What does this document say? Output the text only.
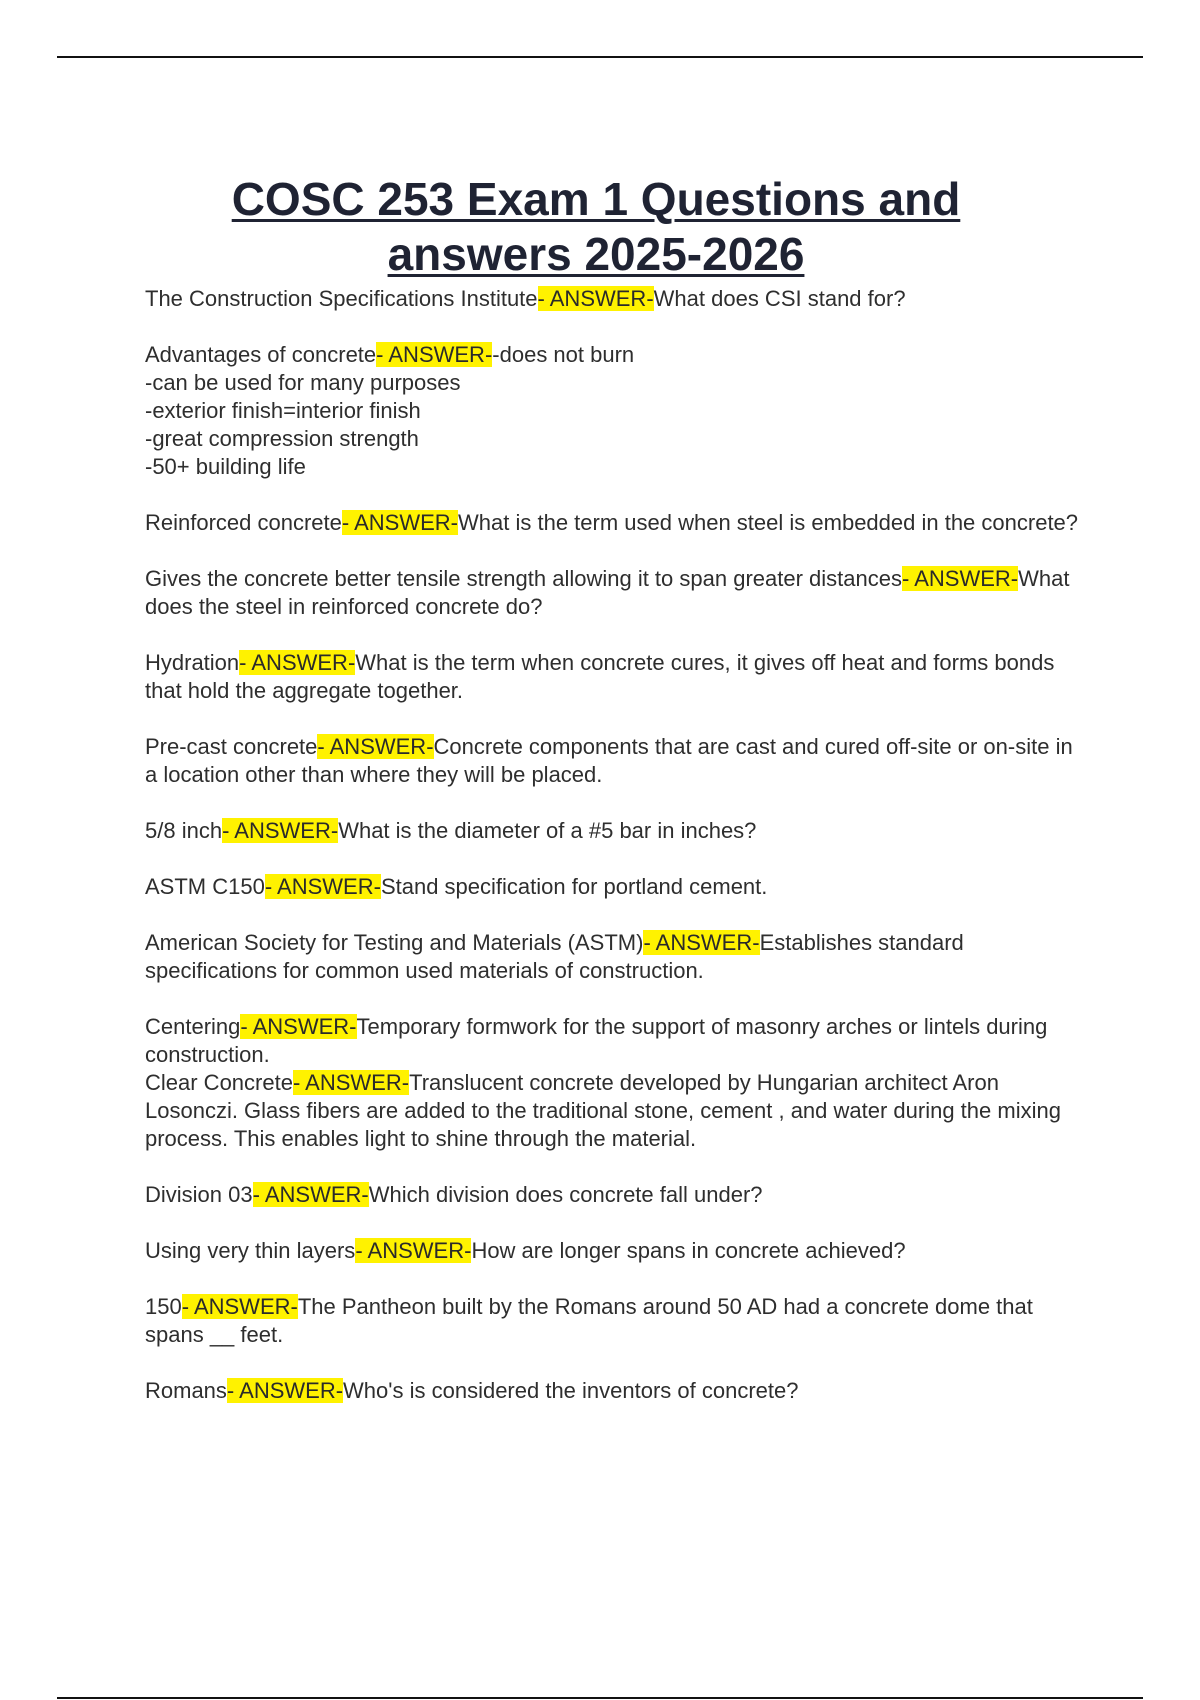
COSC 253 Exam 1 Questions and answers 2025-2026

The Construction Specifications Institute- ANSWER-What does CSI stand for?

Advantages of concrete- ANSWER--does not burn
-can be used for many purposes
-exterior finish=interior finish
-great compression strength
-50+ building life

Reinforced concrete- ANSWER-What is the term used when steel is embedded in the concrete?

Gives the concrete better tensile strength allowing it to span greater distances- ANSWER-What does the steel in reinforced concrete do?

Hydration- ANSWER-What is the term when concrete cures, it gives off heat and forms bonds that hold the aggregate together.

Pre-cast concrete- ANSWER-Concrete components that are cast and cured off-site or on-site in a location other than where they will be placed.

5/8 inch- ANSWER-What is the diameter of a #5 bar in inches?

ASTM C150- ANSWER-Stand specification for portland cement.

American Society for Testing and Materials (ASTM)- ANSWER-Establishes standard specifications for common used materials of construction.

Centering- ANSWER-Temporary formwork for the support of masonry arches or lintels during construction.

Clear Concrete- ANSWER-Translucent concrete developed by Hungarian architect Aron Losonczi. Glass fibers are added to the traditional stone, cement , and water during the mixing process. This enables light to shine through the material.

Division 03- ANSWER-Which division does concrete fall under?

Using very thin layers- ANSWER-How are longer spans in concrete achieved?

150- ANSWER-The Pantheon built by the Romans around 50 AD had a concrete dome that spans __ feet.

Romans- ANSWER-Who's is considered the inventors of concrete?
